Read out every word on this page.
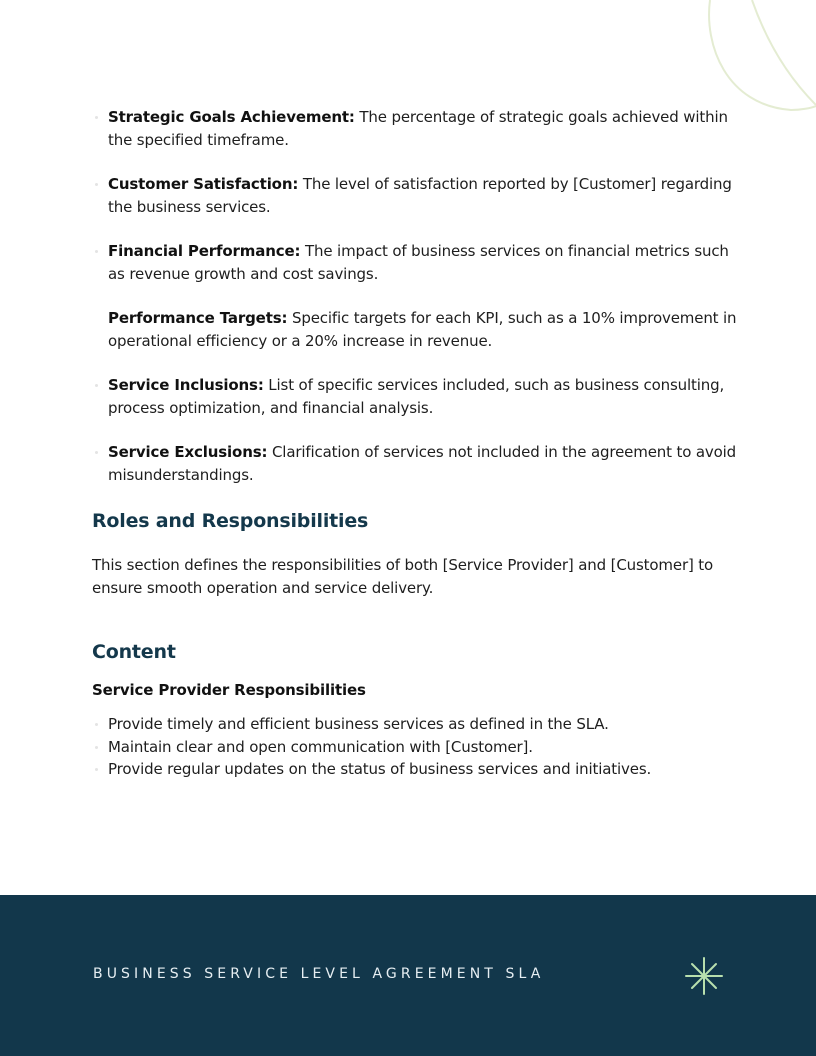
Strategic Goals Achievement: The percentage of strategic goals achieved within the specified timeframe.
Customer Satisfaction: The level of satisfaction reported by [Customer] regarding the business services.
Financial Performance: The impact of business services on financial metrics such as revenue growth and cost savings.
Performance Targets: Specific targets for each KPI, such as a 10% improvement in operational efficiency or a 20% increase in revenue.
Service Inclusions: List of specific services included, such as business consulting, process optimization, and financial analysis.
Service Exclusions: Clarification of services not included in the agreement to avoid misunderstandings.
Roles and Responsibilities

This section defines the responsibilities of both [Service Provider] and [Customer] to ensure smooth operation and service delivery.

Content
Service Provider Responsibilities
Provide timely and efficient business services as defined in the SLA.
Maintain clear and open communication with [Customer].
Provide regular updates on the status of business services and initiatives.
BUSINESS SERVICE LEVEL AGREEMENT SLA
